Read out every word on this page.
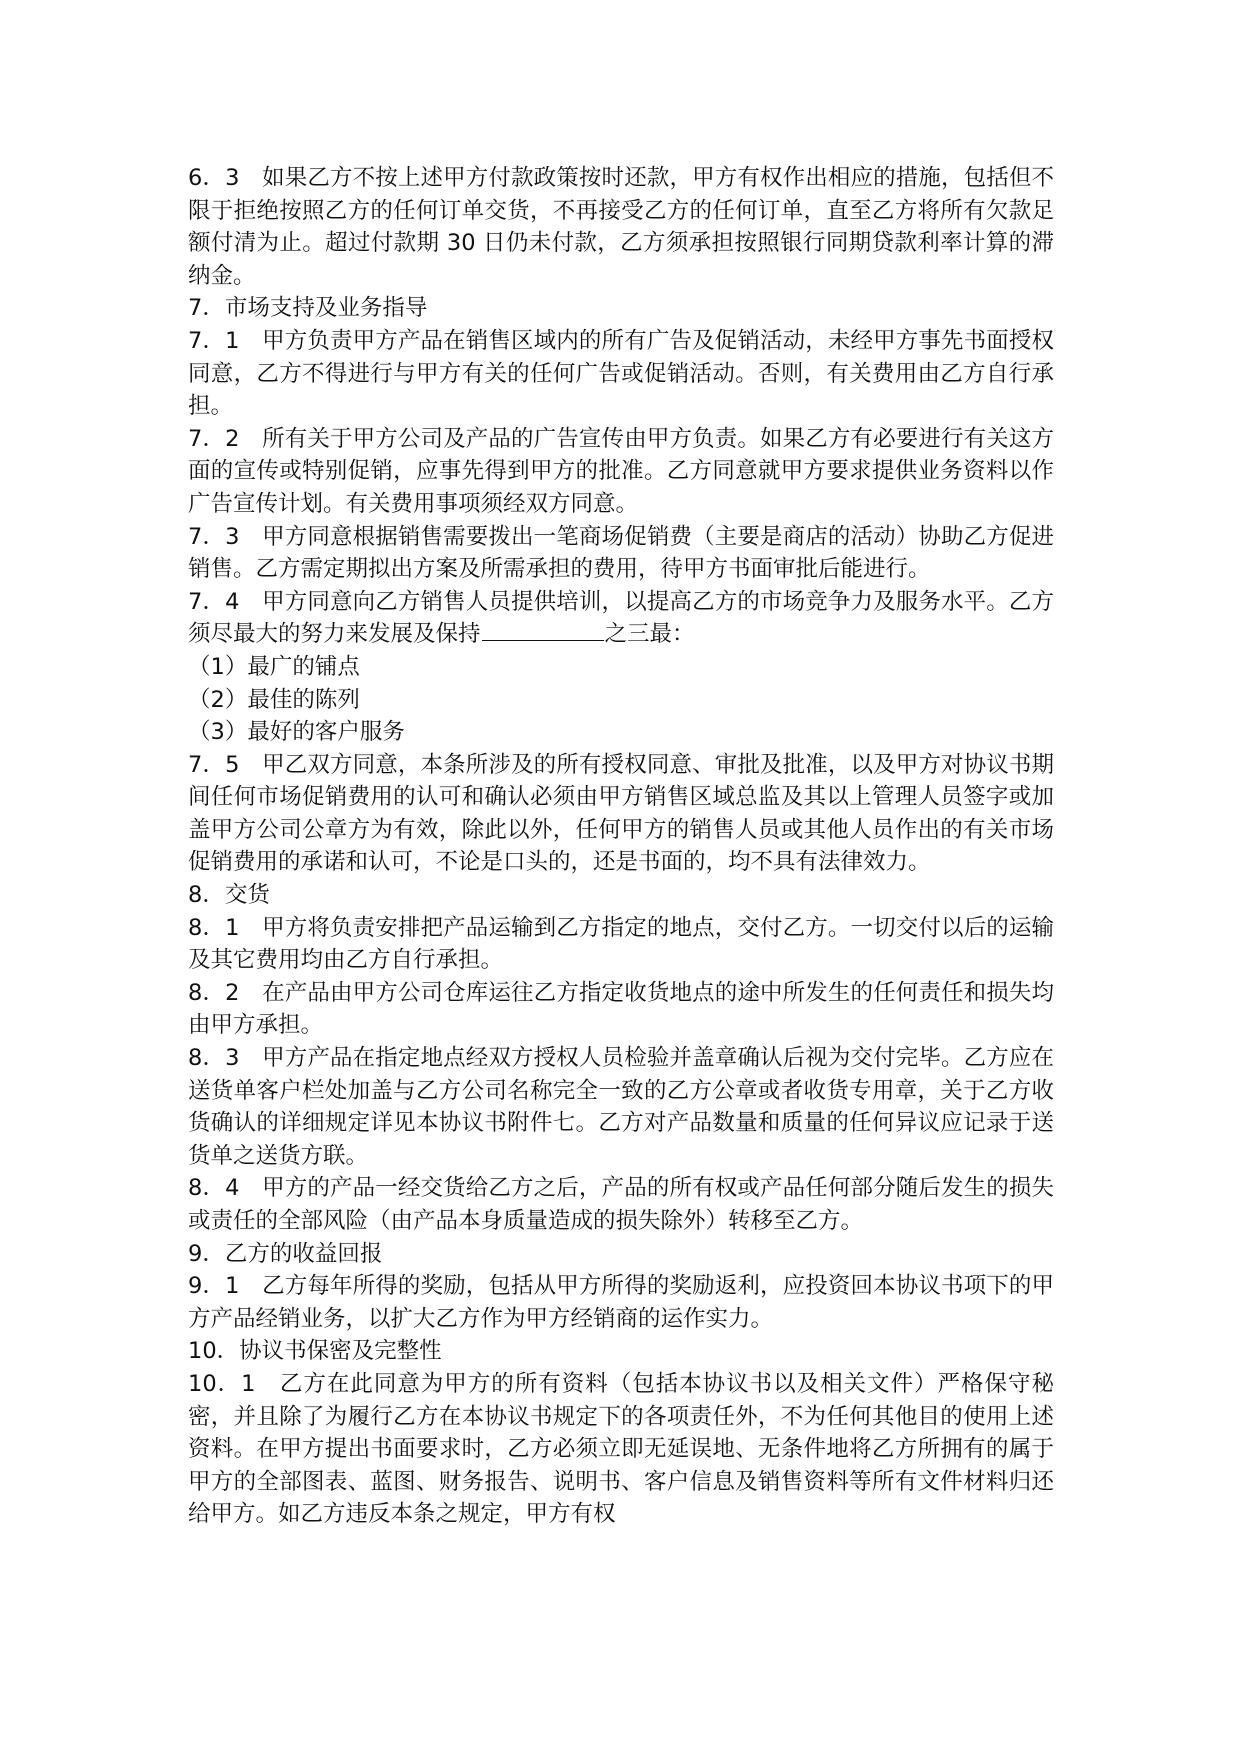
6．3　如果乙方不按上述甲方付款政策按时还款，甲方有权作出相应的措施，包括但不限于拒绝按照乙方的任何订单交货，不再接受乙方的任何订单，直至乙方将所有欠款足额付清为止。超过付款期 30 日仍未付款，乙方须承担按照银行同期贷款利率计算的滞纳金。

7．市场支持及业务指导

7．1　甲方负责甲方产品在销售区域内的所有广告及促销活动，未经甲方事先书面授权同意，乙方不得进行与甲方有关的任何广告或促销活动。否则，有关费用由乙方自行承担。

7．2　所有关于甲方公司及产品的广告宣传由甲方负责。如果乙方有必要进行有关这方面的宣传或特别促销，应事先得到甲方的批准。乙方同意就甲方要求提供业务资料以作广告宣传计划。有关费用事项须经双方同意。

7．3　甲方同意根据销售需要拨出一笔商场促销费（主要是商店的活动）协助乙方促进销售。乙方需定期拟出方案及所需承担的费用，待甲方书面审批后能进行。

7．4　甲方同意向乙方销售人员提供培训，以提高乙方的市场竞争力及服务水平。乙方须尽最大的努力来发展及保持	之三最：

（1）最广的铺点

（2）最佳的陈列

（3）最好的客户服务

7．5　甲乙双方同意，本条所涉及的所有授权同意、审批及批准，以及甲方对协议书期间任何市场促销费用的认可和确认必须由甲方销售区域总监及其以上管理人员签字或加盖甲方公司公章方为有效，除此以外，任何甲方的销售人员或其他人员作出的有关市场促销费用的承诺和认可，不论是口头的，还是书面的，均不具有法律效力。

8．交货

8．1　甲方将负责安排把产品运输到乙方指定的地点，交付乙方。一切交付以后的运输及其它费用均由乙方自行承担。

8．2　在产品由甲方公司仓库运往乙方指定收货地点的途中所发生的任何责任和损失均由甲方承担。

8．3　甲方产品在指定地点经双方授权人员检验并盖章确认后视为交付完毕。乙方应在送货单客户栏处加盖与乙方公司名称完全一致的乙方公章或者收货专用章，关于乙方收货确认的详细规定详见本协议书附件七。乙方对产品数量和质量的任何异议应记录于送货单之送货方联。

8．4　甲方的产品一经交货给乙方之后，产品的所有权或产品任何部分随后发生的损失或责任的全部风险（由产品本身质量造成的损失除外）转移至乙方。

9．乙方的收益回报

9．1　乙方每年所得的奖励，包括从甲方所得的奖励返利，应投资回本协议书项下的甲方产品经销业务，以扩大乙方作为甲方经销商的运作实力。

10．协议书保密及完整性

10．1　乙方在此同意为甲方的所有资料（包括本协议书以及相关文件）严格保守秘密，并且除了为履行乙方在本协议书规定下的各项责任外，不为任何其他目的使用上述资料。在甲方提出书面要求时，乙方必须立即无延误地、无条件地将乙方所拥有的属于甲方的全部图表、蓝图、财务报告、说明书、客户信息及销售资料等所有文件材料归还给甲方。如乙方违反本条之规定，甲方有权
